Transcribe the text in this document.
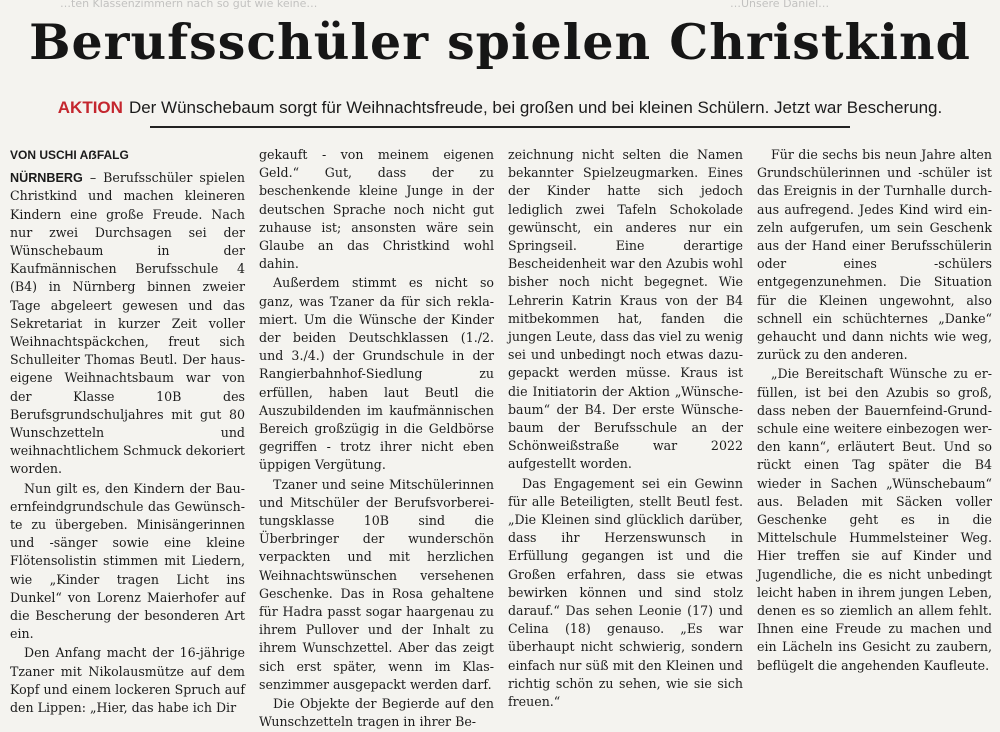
…ten Klassenzimmern nach so gut wie keine…	…Unsere Daniel…
Berufsschüler spielen Christkind
AKTION Der Wünschebaum sorgt für Weihnachtsfreude, bei großen und bei kleinen Schülern. Jetzt war Bescherung.
VON USCHI AẞFALG

NÜRNBERG – Berufsschüler spielen Christkind und machen kleineren Kindern eine große Freude. Nach nur zwei Durchsagen sei der Wünschebaum in der Kaufmännischen Berufsschule 4 (B4) in Nürnberg binnen zweier Tage abgeleert gewesen und das Sekretariat in kurzer Zeit voller Weihnachtspäckchen, freut sich Schulleiter Thomas Beutl. Der hauseigene Weihnachtsbaum war von der Klasse 10B des Berufsgrundschuljahres mit gut 80 Wunschzetteln und weihnachtlichem Schmuck dekoriert worden.

Nun gilt es, den Kindern der Bauernfeindgrundschule das Gewünschte zu übergeben. Minisängerinnen und -sänger sowie eine kleine Flötensolistin stimmen mit Liedern, wie „Kinder tragen Licht ins Dunkel“ von Lorenz Maierhofer auf die Bescherung der besonderen Art ein.

Den Anfang macht der 16-jährige Tzaner mit Nikolausmütze auf dem Kopf und einem lockeren Spruch auf den Lippen: „Hier, das habe ich Dir

gekauft - von meinem eigenen Geld.“ Gut, dass der zu beschenkende kleine Junge in der deutschen Sprache noch nicht gut zuhause ist; ansonsten wäre sein Glaube an das Christkind wohl dahin.

Außerdem stimmt es nicht so ganz, was Tzaner da für sich reklamiert. Um die Wünsche der Kinder der beiden Deutschklassen (1./2. und 3./4.) der Grundschule in der Rangierbahnhof-Siedlung zu erfüllen, haben laut Beutl die Auszubildenden im kaufmännischen Bereich großzügig in die Geldbörse gegriffen - trotz ihrer nicht eben üppigen Vergütung.

Tzaner und seine Mitschülerinnen und Mitschüler der Berufsvorbereitungsklasse 10B sind die Überbringer der wunderschön verpackten und mit herzlichen Weihnachtswünschen versehenen Geschenke. Das in Rosa gehaltene für Hadra passt sogar haargenau zu ihrem Pullover und der Inhalt zu ihrem Wunschzettel. Aber das zeigt sich erst später, wenn im Klassenzimmer ausgepackt werden darf.

Die Objekte der Begierde auf den Wunschzetteln tragen in ihrer Be-

zeichnung nicht selten die Namen bekannter Spielzeugmarken. Eines der Kinder hatte sich jedoch lediglich zwei Tafeln Schokolade gewünscht, ein anderes nur ein Springseil. Eine derartige Bescheidenheit war den Azubis wohl bisher noch nicht begegnet. Wie Lehrerin Katrin Kraus von der B4 mitbekommen hat, fanden die jungen Leute, dass das viel zu wenig sei und unbedingt noch etwas dazugepackt werden müsse. Kraus ist die Initiatorin der Aktion „Wünschebaum“ der B4. Der erste Wünschebaum der Berufsschule an der Schönweißstraße war 2022 aufgestellt worden.

Das Engagement sei ein Gewinn für alle Beteiligten, stellt Beutl fest. „Die Kleinen sind glücklich darüber, dass ihr Herzenswunsch in Erfüllung gegangen ist und die Großen erfahren, dass sie etwas bewirken können und sind stolz darauf.“ Das sehen Leonie (17) und Celina (18) genauso. „Es war überhaupt nicht schwierig, sondern einfach nur süß mit den Kleinen und richtig schön zu sehen, wie sie sich freuen.“

Für die sechs bis neun Jahre alten Grundschülerinnen und -schüler ist das Ereignis in der Turnhalle durchaus aufregend. Jedes Kind wird einzeln aufgerufen, um sein Geschenk aus der Hand einer Berufsschülerin oder eines -schülers entgegenzunehmen. Die Situation für die Kleinen ungewohnt, also schnell ein schüchternes „Danke“ gehaucht und dann nichts wie weg, zurück zu den anderen.

„Die Bereitschaft Wünsche zu erfüllen, ist bei den Azubis so groß, dass neben der Bauernfeind-Grundschule eine weitere einbezogen werden kann“, erläutert Beut. Und so rückt einen Tag später die B4 wieder in Sachen „Wünschebaum“ aus. Beladen mit Säcken voller Geschenke geht es in die Mittelschule Hummelsteiner Weg. Hier treffen sie auf Kinder und Jugendliche, die es nicht unbedingt leicht haben in ihrem jungen Leben, denen es so ziemlich an allem fehlt. Ihnen eine Freude zu machen und ein Lächeln ins Gesicht zu zaubern, beflügelt die angehenden Kaufleute.
